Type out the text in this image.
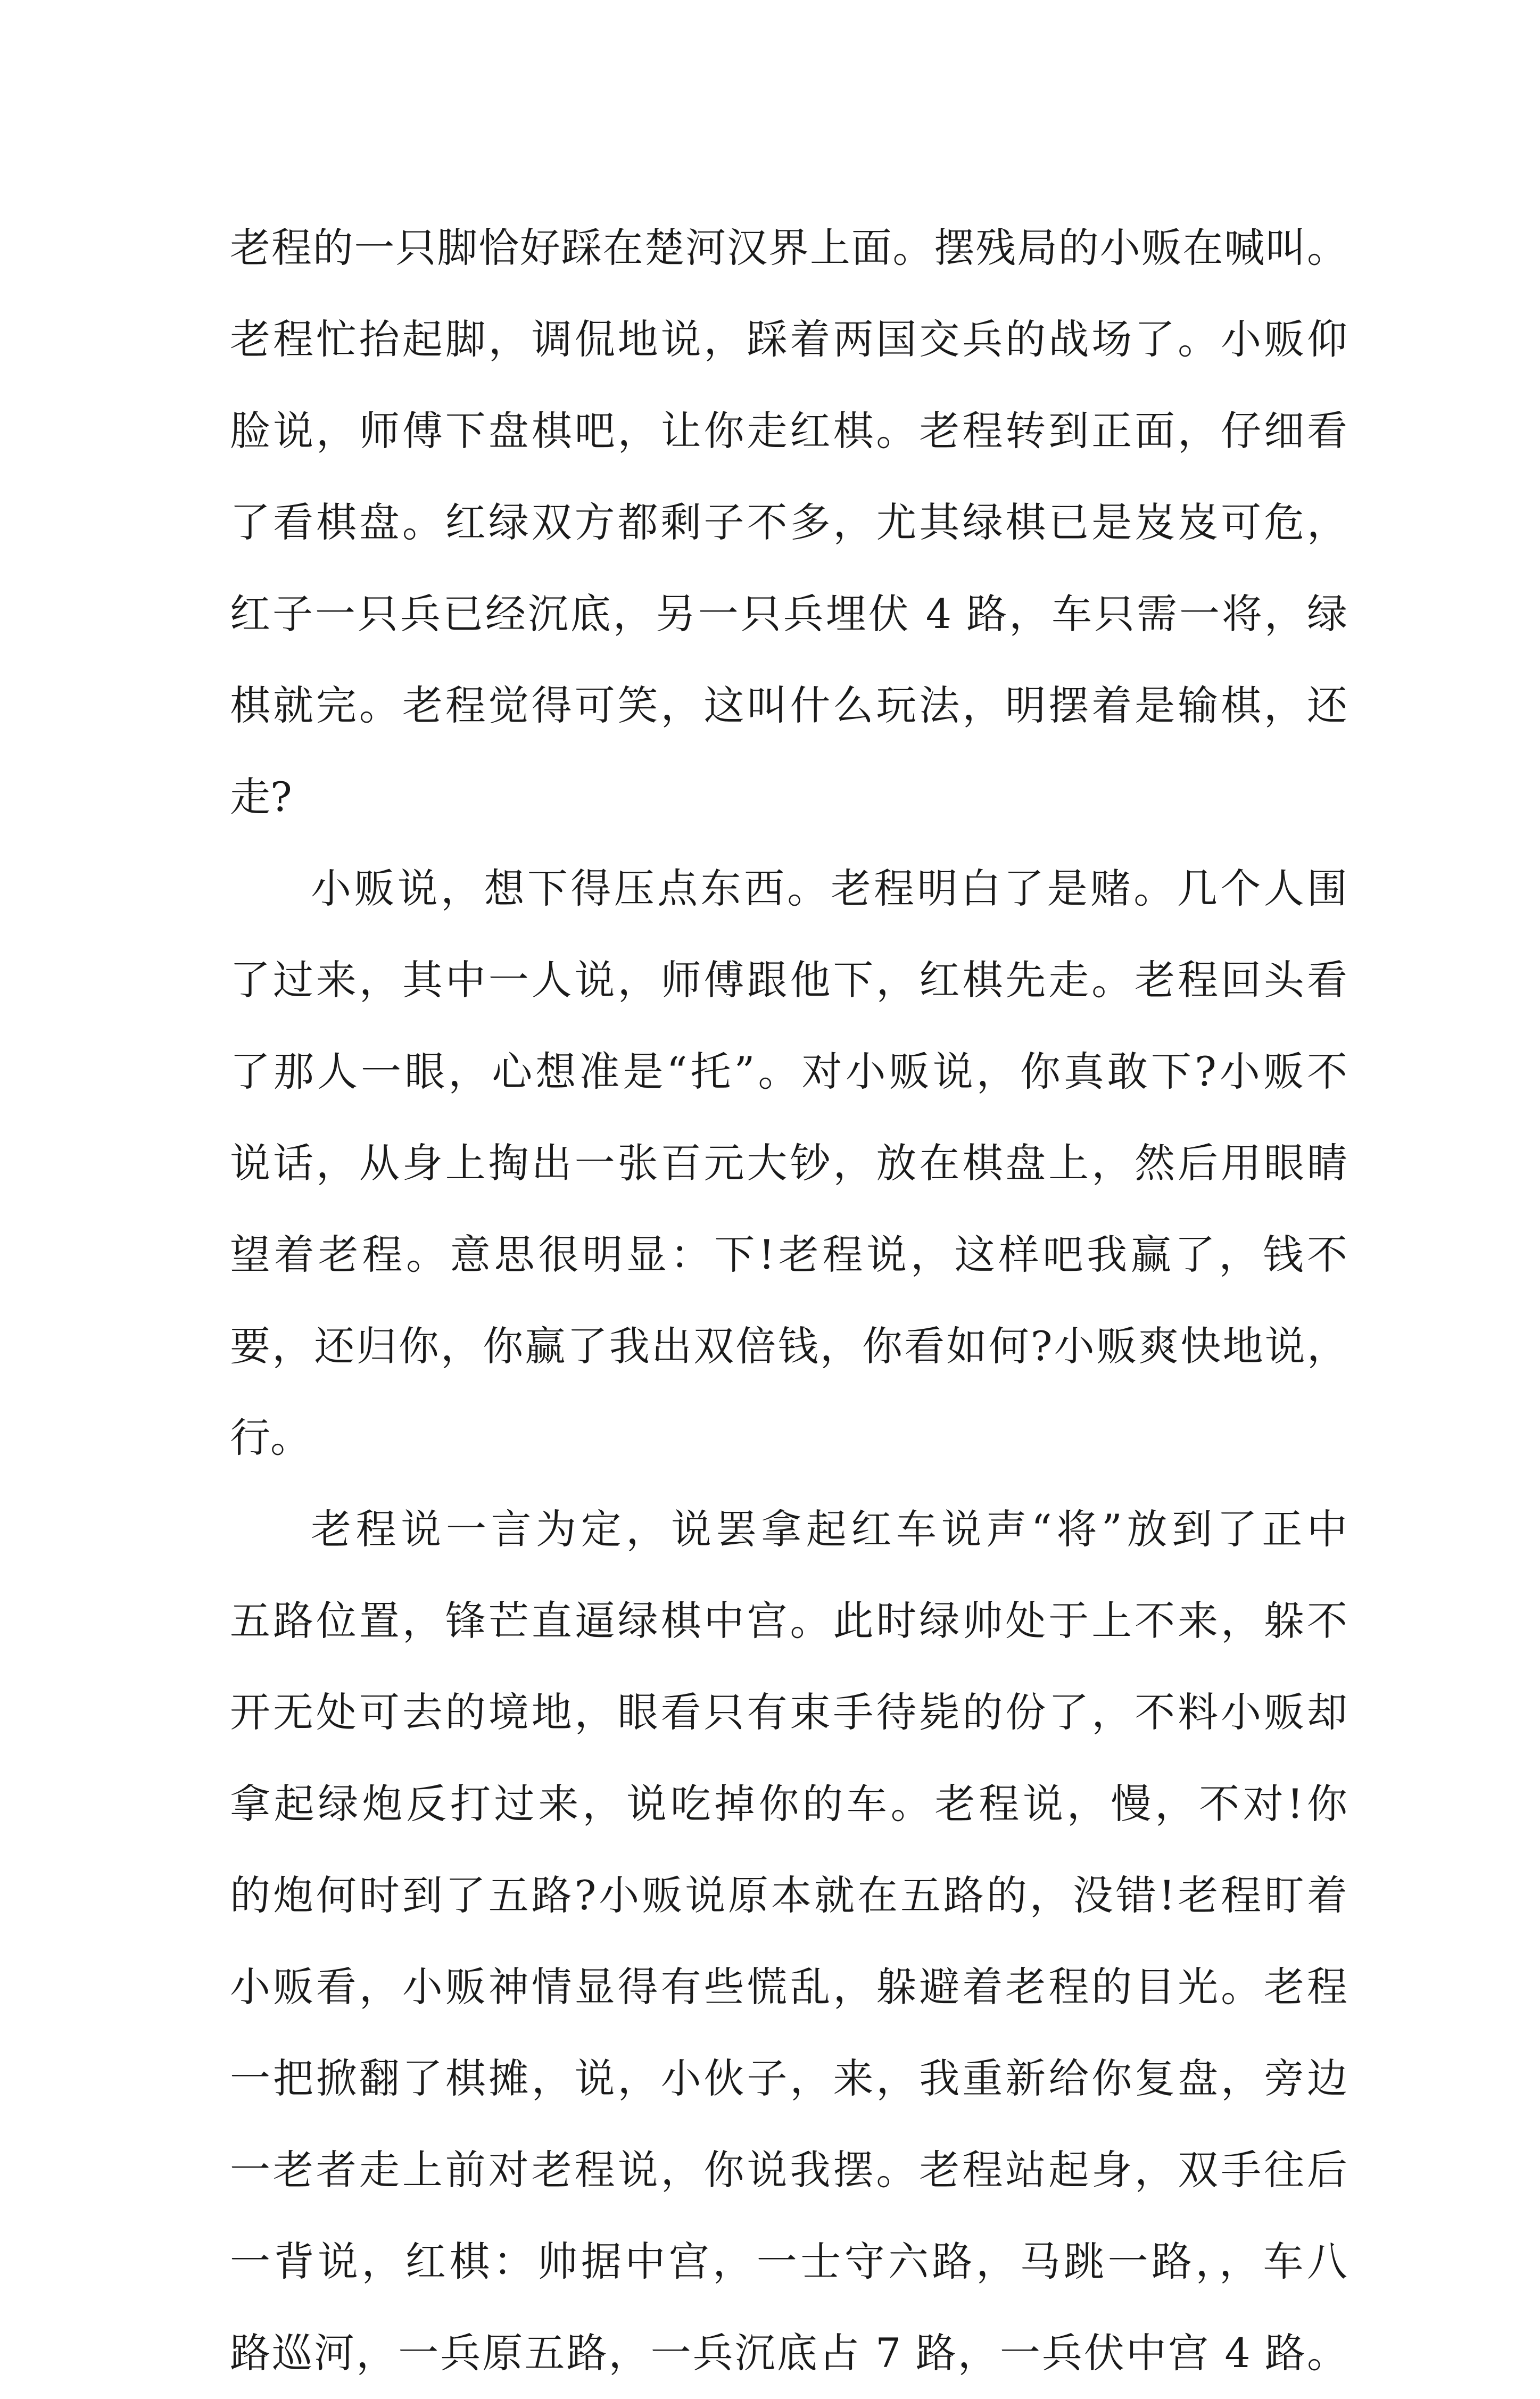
老程的一只脚恰好踩在楚河汉界上面。摆残局的小贩在喊叫。
老程忙抬起脚，调侃地说，踩着两国交兵的战场了。小贩仰
脸说，师傅下盘棋吧，让你走红棋。老程转到正面，仔细看
了看棋盘。红绿双方都剩子不多，尤其绿棋已是岌岌可危，
红子一只兵已经沉底，另一只兵埋伏 4 路，车只需一将，绿
棋就完。老程觉得可笑，这叫什么玩法，明摆着是输棋，还
走?
小贩说，想下得压点东西。老程明白了是赌。几个人围
了过来，其中一人说，师傅跟他下，红棋先走。老程回头看
了那人一眼，心想准是“托”。对小贩说，你真敢下?小贩不
说话，从身上掏出一张百元大钞，放在棋盘上，然后用眼睛
望着老程。意思很明显：下!老程说，这样吧我赢了，钱不
要，还归你，你赢了我出双倍钱，你看如何?小贩爽快地说，
行。
老程说一言为定，说罢拿起红车说声“将”放到了正中
五路位置，锋芒直逼绿棋中宫。此时绿帅处于上不来，躲不
开无处可去的境地，眼看只有束手待毙的份了，不料小贩却
拿起绿炮反打过来，说吃掉你的车。老程说，慢，不对!你
的炮何时到了五路?小贩说原本就在五路的，没错!老程盯着
小贩看，小贩神情显得有些慌乱，躲避着老程的目光。老程
一把掀翻了棋摊，说，小伙子，来，我重新给你复盘，旁边
一老者走上前对老程说，你说我摆。老程站起身，双手往后
一背说，红棋：帅据中宫，一士守六路，马跳一路，，车八
路巡河，一兵原五路，一兵沉底占 7 路，一兵伏中宫 4 路。
